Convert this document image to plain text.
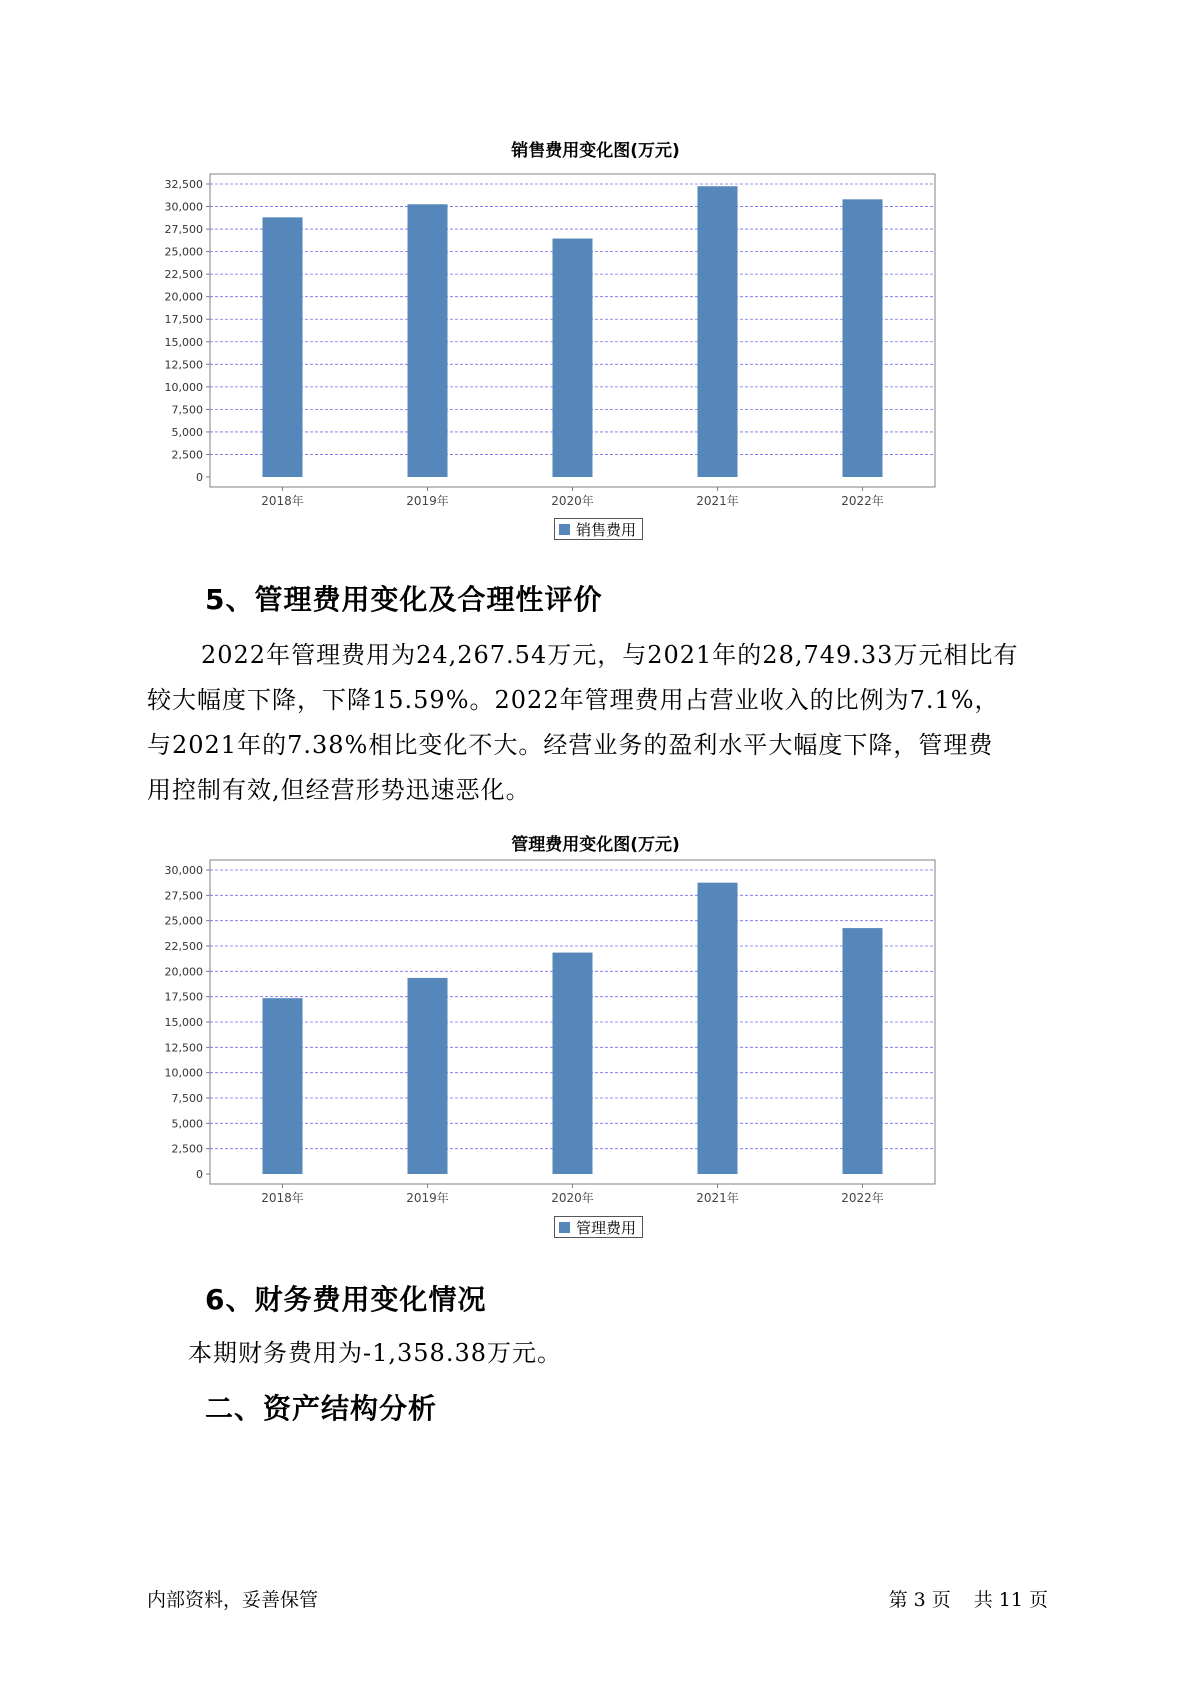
销售费用变化图(万元)
0
2,500
5,000
7,500
10,000
12,500
15,000
17,500
20,000
22,500
25,000
27,500
30,000
32,500
2018年	2019年	2020年	2021年	2022年
销售费用
5、管理费用变化及合理性评价
2022年管理费用为24,267.54万元，与2021年的28,749.33万元相比有
较大幅度下降，下降15.59%。2022年管理费用占营业收入的比例为7.1%，
与2021年的7.38%相比变化不大。经营业务的盈利水平大幅度下降，管理费
用控制有效,但经营形势迅速恶化。
管理费用变化图(万元)
0
2,500
5,000
7,500
10,000
12,500
15,000
17,500
20,000
22,500
25,000
27,500
30,000
2018年	2019年	2020年	2021年	2022年
管理费用
6、财务费用变化情况
本期财务费用为-1,358.38万元。
二、资产结构分析
内部资料，妥善保管	第 3 页 共 11 页
